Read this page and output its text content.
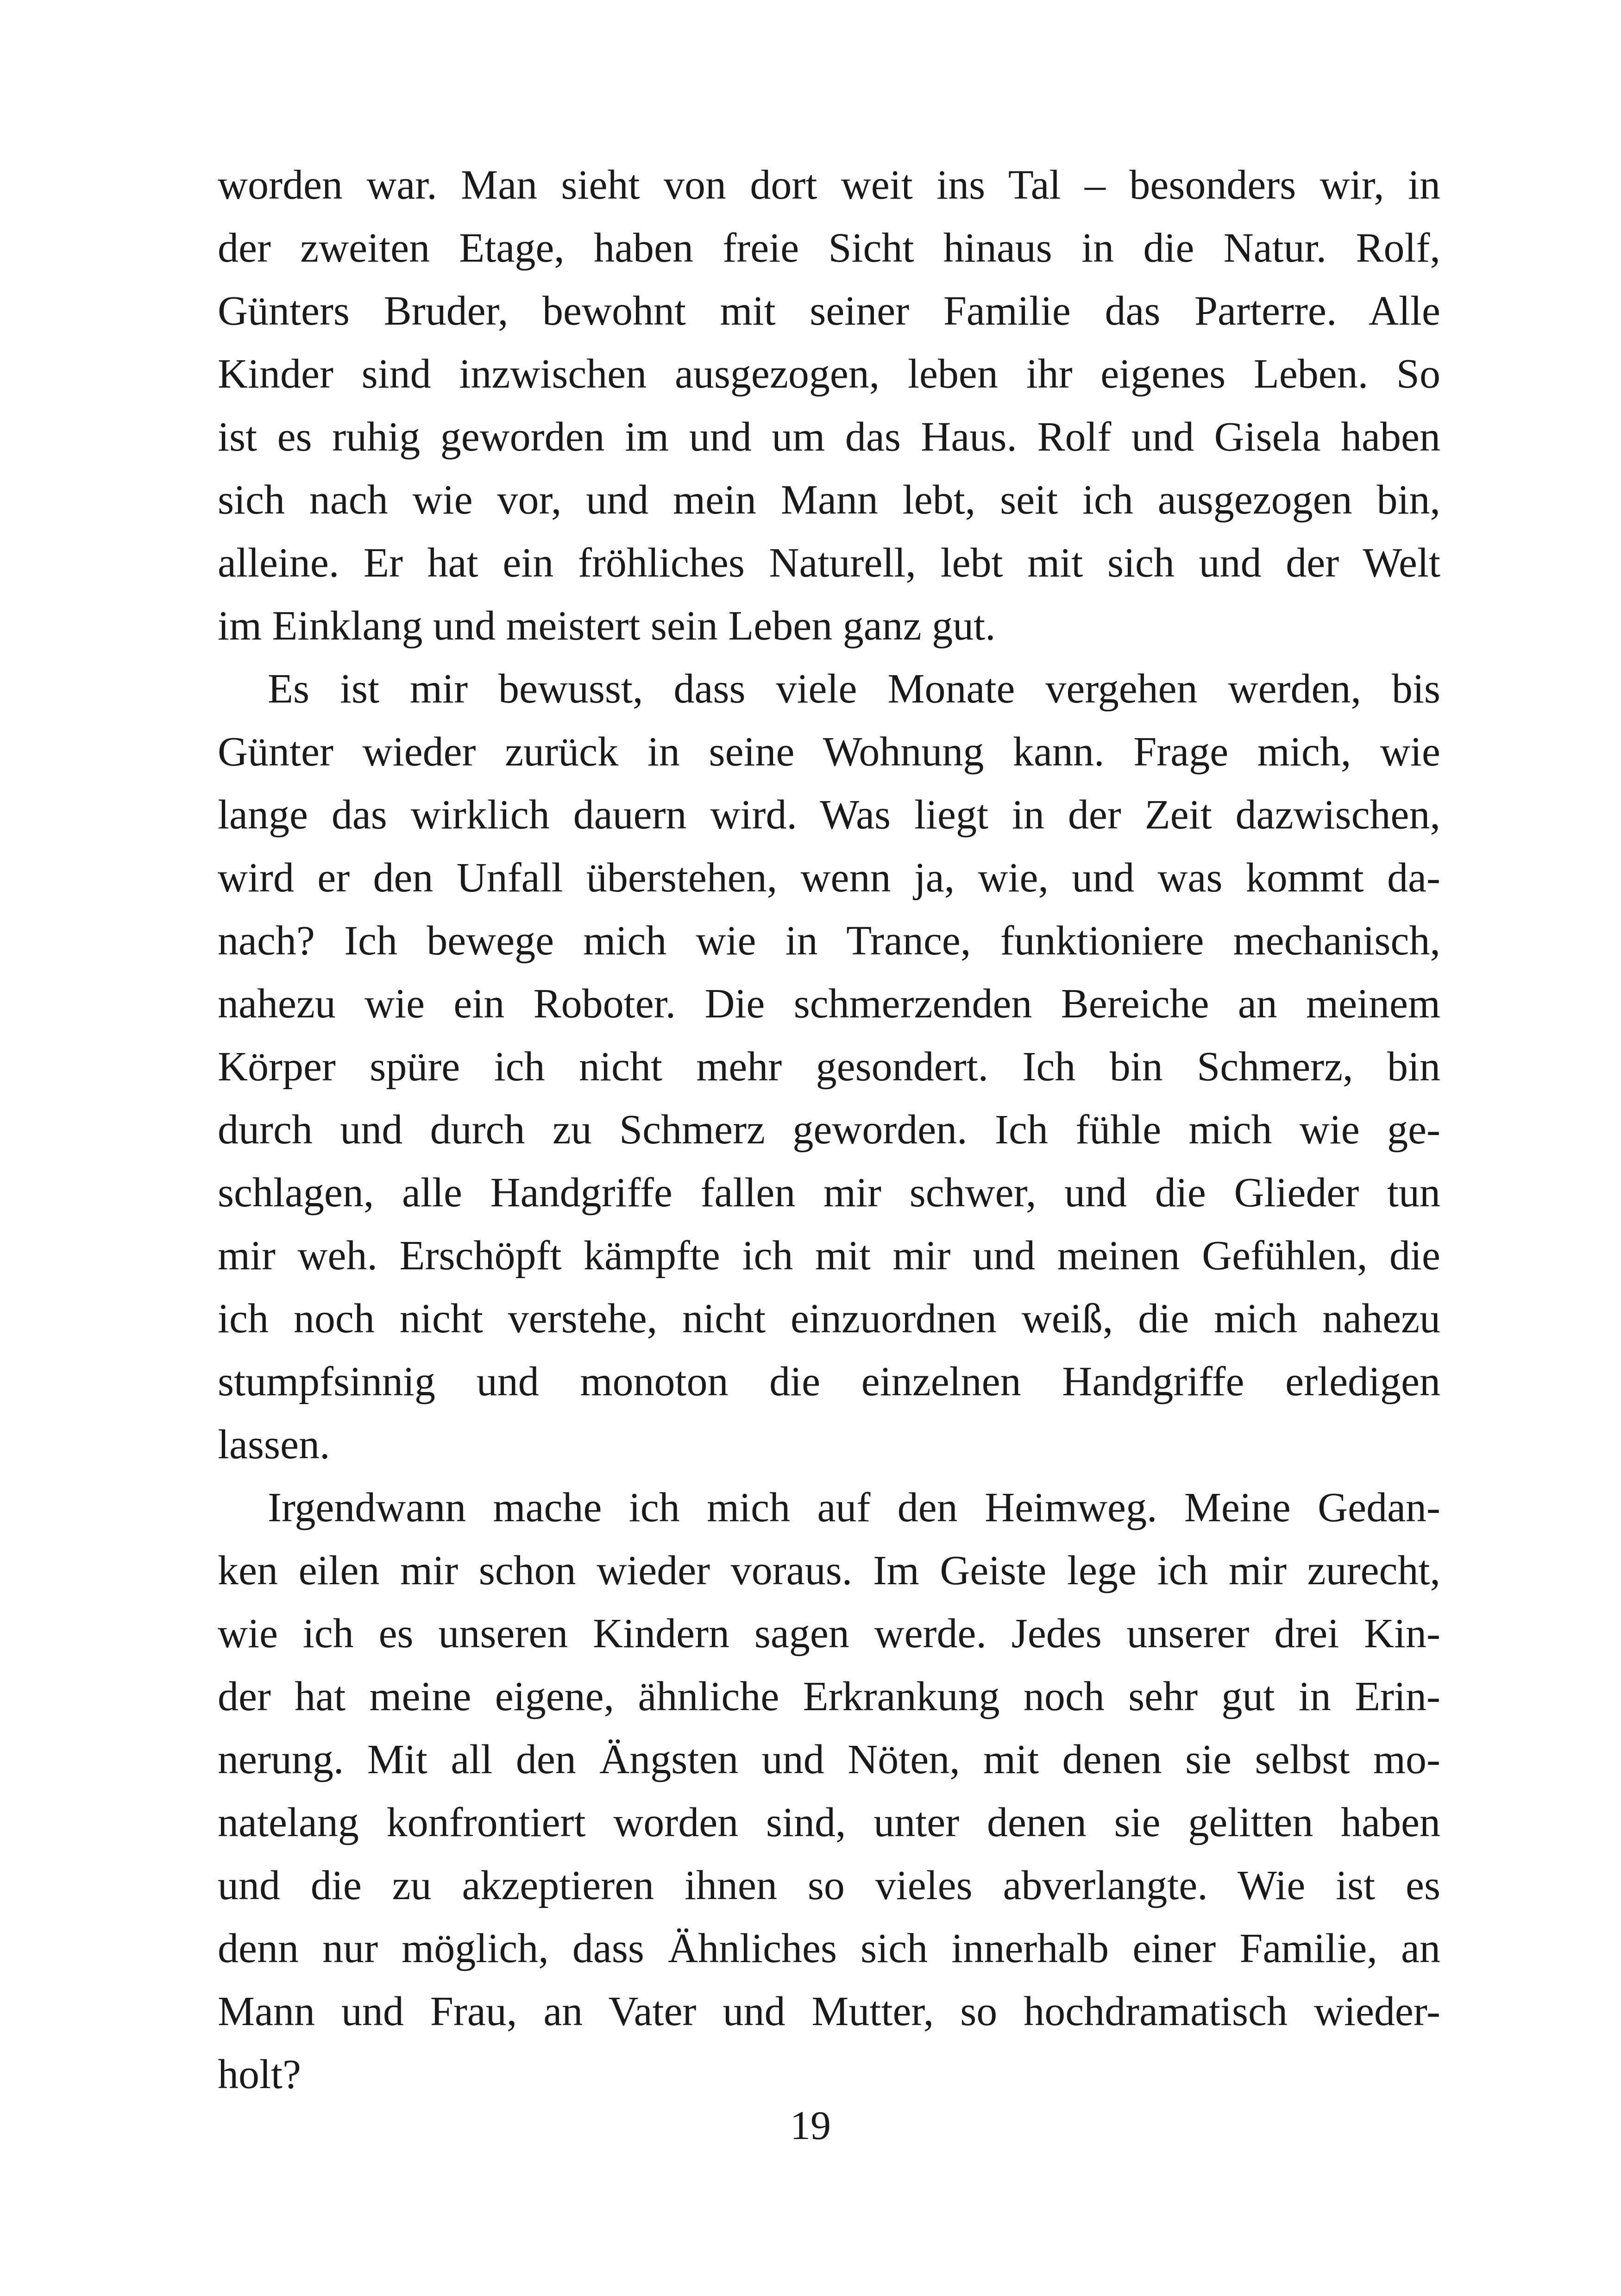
worden war. Man sieht von dort weit ins Tal – besonders wir, in
der zweiten Etage, haben freie Sicht hinaus in die Natur. Rolf,
Günters Bruder, bewohnt mit seiner Familie das Parterre. Alle
Kinder sind inzwischen ausgezogen, leben ihr eigenes Leben. So
ist es ruhig geworden im und um das Haus. Rolf und Gisela haben
sich nach wie vor, und mein Mann lebt, seit ich ausgezogen bin,
alleine. Er hat ein fröhliches Naturell, lebt mit sich und der Welt
im Einklang und meistert sein Leben ganz gut.
Es ist mir bewusst, dass viele Monate vergehen werden, bis
Günter wieder zurück in seine Wohnung kann. Frage mich, wie
lange das wirklich dauern wird. Was liegt in der Zeit dazwischen,
wird er den Unfall überstehen, wenn ja, wie, und was kommt da-
nach? Ich bewege mich wie in Trance, funktioniere mechanisch,
nahezu wie ein Roboter. Die schmerzenden Bereiche an meinem
Körper spüre ich nicht mehr gesondert. Ich bin Schmerz, bin
durch und durch zu Schmerz geworden. Ich fühle mich wie ge-
schlagen, alle Handgriffe fallen mir schwer, und die Glieder tun
mir weh. Erschöpft kämpfte ich mit mir und meinen Gefühlen, die
ich noch nicht verstehe, nicht einzuordnen weiß, die mich nahezu
stumpfsinnig und monoton die einzelnen Handgriffe erledigen
lassen.
Irgendwann mache ich mich auf den Heimweg. Meine Gedan-
ken eilen mir schon wieder voraus. Im Geiste lege ich mir zurecht,
wie ich es unseren Kindern sagen werde. Jedes unserer drei Kin-
der hat meine eigene, ähnliche Erkrankung noch sehr gut in Erin-
nerung. Mit all den Ängsten und Nöten, mit denen sie selbst mo-
natelang konfrontiert worden sind, unter denen sie gelitten haben
und die zu akzeptieren ihnen so vieles abverlangte. Wie ist es
denn nur möglich, dass Ähnliches sich innerhalb einer Familie, an
Mann und Frau, an Vater und Mutter, so hochdramatisch wieder-
holt?
19
